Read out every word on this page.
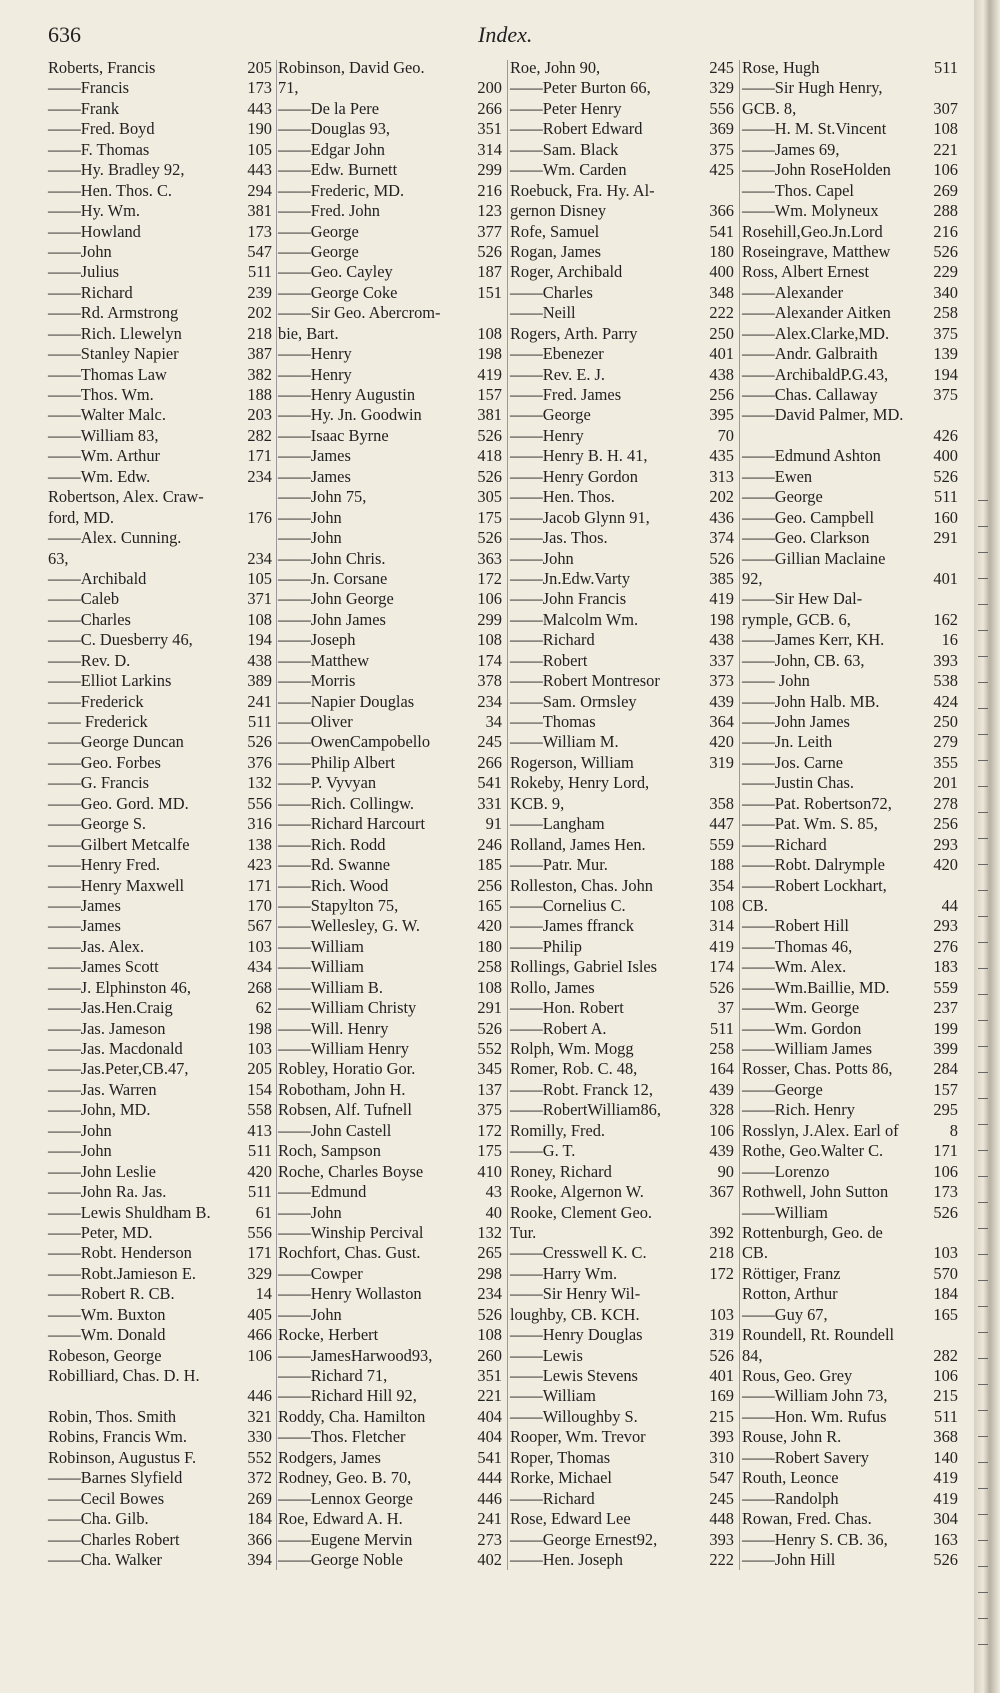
636	Index.
Roberts, Francis	205
——Francis	173
——Frank	443
——Fred. Boyd	190
——F. Thomas	105
——Hy. Bradley 92,	443
——Hen. Thos. C.	294
——Hy. Wm.	381
——Howland	173
——John	547
——Julius	511
——Richard	239
——Rd. Armstrong	202
——Rich. Llewelyn	218
——Stanley Napier	387
——Thomas Law	382
——Thos. Wm.	188
——Walter Malc.	203
——William 83,	282
——Wm. Arthur	171
——Wm. Edw.	234
Robertson, Alex. Craw-
ford, MD.	176
——Alex. Cunning.
63,	234
——Archibald	105
——Caleb	371
——Charles	108
——C. Duesberry 46,	194
——Rev. D.	438
——Elliot Larkins	389
——Frederick	241
—— Frederick	511
——George Duncan	526
——Geo. Forbes	376
——G. Francis	132
——Geo. Gord. MD.	556
——George S.	316
——Gilbert Metcalfe	138
——Henry Fred.	423
——Henry Maxwell	171
——James	170
——James	567
——Jas. Alex.	103
——James Scott	434
——J. Elphinston 46,	268
——Jas.Hen.Craig	62
——Jas. Jameson	198
——Jas. Macdonald	103
——Jas.Peter,CB.47,	205
——Jas. Warren	154
——John, MD.	558
——John	413
——John	511
——John Leslie	420
——John Ra. Jas.	511
——Lewis Shuldham B.	61
——Peter, MD.	556
——Robt. Henderson	171
——Robt.Jamieson E.	329
——Robert R. CB.	14
——Wm. Buxton	405
——Wm. Donald	466
Robeson, George	106
Robilliard, Chas. D. H.
446
Robin, Thos. Smith	321
Robins, Francis Wm.	330
Robinson, Augustus F.	552
——Barnes Slyfield	372
——Cecil Bowes	269
——Cha. Gilb.	184
——Charles Robert	366
——Cha. Walker	394
Robinson, David Geo.
71,	200
——De la Pere	266
——Douglas 93,	351
——Edgar John	314
——Edw. Burnett	299
——Frederic, MD.	216
——Fred. John	123
——George	377
——George	526
——Geo. Cayley	187
——George Coke	151
——Sir Geo. Abercrom-
bie, Bart.	108
——Henry	198
——Henry	419
——Henry Augustin	157
——Hy. Jn. Goodwin	381
——Isaac Byrne	526
——James	418
——James	526
——John 75,	305
——John	175
——John	526
——John Chris.	363
——Jn. Corsane	172
——John George	106
——John James	299
——Joseph	108
——Matthew	174
——Morris	378
——Napier Douglas	234
——Oliver	34
——OwenCampobello	245
——Philip Albert	266
——P. Vyvyan	541
——Rich. Collingw.	331
——Richard Harcourt	91
——Rich. Rodd	246
——Rd. Swanne	185
——Rich. Wood	256
——Stapylton 75,	165
——Wellesley, G. W.	420
——William	180
——William	258
——William B.	108
——William Christy	291
——Will. Henry	526
——William Henry	552
Robley, Horatio Gor.	345
Robotham, John H.	137
Robsen, Alf. Tufnell	375
——John Castell	172
Roch, Sampson	175
Roche, Charles Boyse	410
——Edmund	43
——John	40
——Winship Percival	132
Rochfort, Chas. Gust.	265
——Cowper	298
——Henry Wollaston	234
——John	526
Rocke, Herbert	108
——JamesHarwood93,	260
——Richard 71,	351
——Richard Hill 92,	221
Roddy, Cha. Hamilton	404
——Thos. Fletcher	404
Rodgers, James	541
Rodney, Geo. B. 70,	444
——Lennox George	446
Roe, Edward A. H.	241
——Eugene Mervin	273
——George Noble	402
Roe, John 90,	245
——Peter Burton 66,	329
——Peter Henry	556
——Robert Edward	369
——Sam. Black	375
——Wm. Carden	425
Roebuck, Fra. Hy. Al-
gernon Disney	366
Rofe, Samuel	541
Rogan, James	180
Roger, Archibald	400
——Charles	348
——Neill	222
Rogers, Arth. Parry	250
——Ebenezer	401
——Rev. E. J.	438
——Fred. James	256
——George	395
——Henry	70
——Henry B. H. 41,	435
——Henry Gordon	313
——Hen. Thos.	202
——Jacob Glynn 91,	436
——Jas. Thos.	374
——John	526
——Jn.Edw.Varty	385
——John Francis	419
——Malcolm Wm.	198
——Richard	438
——Robert	337
——Robert Montresor	373
——Sam. Ormsley	439
——Thomas	364
——William M.	420
Rogerson, William	319
Rokeby, Henry Lord,
KCB. 9,	358
——Langham	447
Rolland, James Hen.	559
——Patr. Mur.	188
Rolleston, Chas. John	354
——Cornelius C.	108
——James ffranck	314
——Philip	419
Rollings, Gabriel Isles	174
Rollo, James	526
——Hon. Robert	37
——Robert A.	511
Rolph, Wm. Mogg	258
Romer, Rob. C. 48,	164
——Robt. Franck 12,	439
——RobertWilliam86,	328
Romilly, Fred.	106
——G. T.	439
Roney, Richard	90
Rooke, Algernon W.	367
Rooke, Clement Geo.
Tur.	392
——Cresswell K. C.	218
——Harry Wm.	172
——Sir Henry Wil-
loughby, CB. KCH.	103
——Henry Douglas	319
——Lewis	526
——Lewis Stevens	401
——William	169
——Willoughby S.	215
Rooper, Wm. Trevor	393
Roper, Thomas	310
Rorke, Michael	547
——Richard	245
Rose, Edward Lee	448
——George Ernest92,	393
——Hen. Joseph	222
Rose, Hugh	511
——Sir Hugh Henry,
GCB. 8,	307
——H. M. St.Vincent	108
——James 69,	221
——John RoseHolden	106
——Thos. Capel	269
——Wm. Molyneux	288
Rosehill,Geo.Jn.Lord	216
Roseingrave, Matthew	526
Ross, Albert Ernest	229
——Alexander	340
——Alexander Aitken	258
——Alex.Clarke,MD.	375
——Andr. Galbraith	139
——ArchibaldP.G.43,	194
——Chas. Callaway	375
——David Palmer, MD.
426
——Edmund Ashton	400
——Ewen	526
——George	511
——Geo. Campbell	160
——Geo. Clarkson	291
——Gillian Maclaine
92,	401
——Sir Hew Dal-
rymple, GCB. 6,	162
——James Kerr, KH.	16
——John, CB. 63,	393
—— John	538
——John Halb. MB.	424
——John James	250
——Jn. Leith	279
——Jos. Carne	355
——Justin Chas.	201
——Pat. Robertson72,	278
——Pat. Wm. S. 85,	256
——Richard	293
——Robt. Dalrymple	420
——Robert Lockhart,
CB.	44
——Robert Hill	293
——Thomas 46,	276
——Wm. Alex.	183
——Wm.Baillie, MD.	559
——Wm. George	237
——Wm. Gordon	199
——William James	399
Rosser, Chas. Potts 86, 284
——George	157
——Rich. Henry	295
Rosslyn, J.Alex. Earl of	8
Rothe, Geo.Walter C.	171
——Lorenzo	106
Rothwell, John Sutton	173
——William	526
Rottenburgh, Geo. de
CB.	103
Röttiger, Franz	570
Rotton, Arthur	184
——Guy 67,	165
Roundell, Rt. Roundell
84,	282
Rous, Geo. Grey	106
——William John 73,	215
——Hon. Wm. Rufus	511
Rouse, John R.	368
——Robert Savery	140
Routh, Leonce	419
——Randolph	419
Rowan, Fred. Chas.	304
——Henry S. CB. 36,	163
——John Hill	526
